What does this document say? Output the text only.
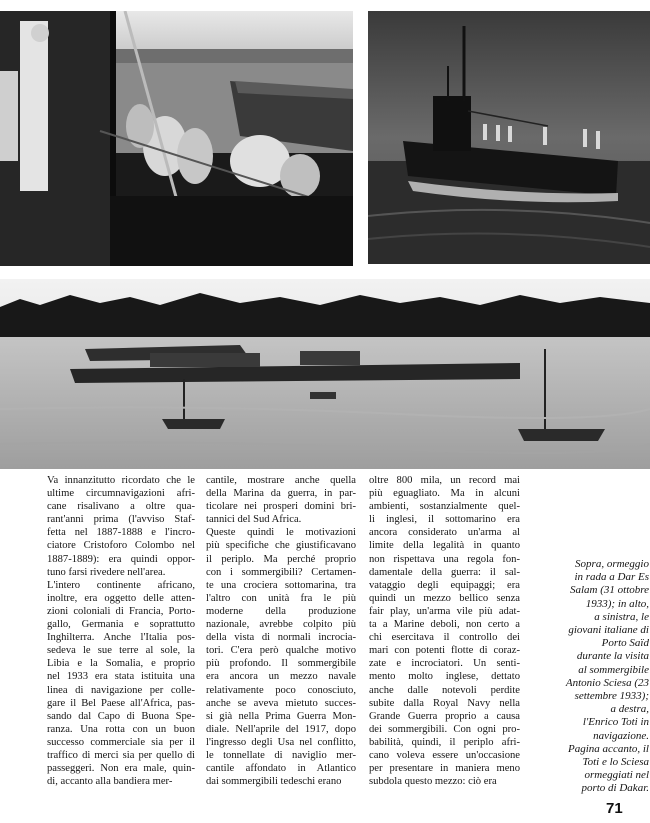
Va innanzitutto ricordato che le
ultime circumnavigazioni afri-
cane risalivano a oltre qua-
rant'anni prima (l'avviso Staf-
fetta nel 1887-1888 e l'incro-
ciatore Cristoforo Colombo nel
1887-1889): era quindi oppor-
tuno farsi rivedere nell'area.
L'intero continente africano,
inoltre, era oggetto delle atten-
zioni coloniali di Francia, Porto-
gallo, Germania e soprattutto
Inghilterra. Anche l'Italia pos-
sedeva le sue terre al sole, la
Libia e la Somalia, e proprio
nel 1933 era stata istituita una
linea di navigazione per colle-
gare il Bel Paese all'Africa, pas-
sando dal Capo di Buona Spe-
ranza. Una rotta con un buon
successo commerciale sia per il
traffico di merci sia per quello di
passeggeri. Non era male, quin-
di, accanto alla bandiera mer-
cantile, mostrare anche quella
della Marina da guerra, in par-
ticolare nei prosperi domini bri-
tannici del Sud Africa.
Queste quindi le motivazioni
più specifiche che giustificavano
il periplo. Ma perché proprio
con i sommergibili? Certamen-
te una crociera sottomarina, tra
l'altro con unità fra le più
moderne della produzione
nazionale, avrebbe colpito più
della vista di normali incrocia-
tori. C'era però qualche motivo
più profondo. Il sommergibile
era ancora un mezzo navale
relativamente poco conosciuto,
anche se aveva mietuto succes-
si già nella Prima Guerra Mon-
diale. Nell'aprile del 1917, dopo
l'ingresso degli Usa nel conflitto,
le tonnellate di naviglio mer-
cantile affondato in Atlantico
dai sommergibili tedeschi erano
oltre 800 mila, un record mai
più eguagliato. Ma in alcuni
ambienti, sostanzialmente quel-
li inglesi, il sottomarino era
ancora considerato un'arma al
limite della legalità in quanto
non rispettava una regola fon-
damentale della guerra: il sal-
vataggio degli equipaggi; era
quindi un mezzo bellico senza
fair play, un'arma vile più adat-
ta a Marine deboli, non certo a
chi esercitava il controllo dei
mari con potenti flotte di coraz-
zate e incrociatori. Un senti-
mento molto inglese, dettato
anche dalle notevoli perdite
subite dalla Royal Navy nella
Grande Guerra proprio a causa
dei sommergibili. Con ogni pro-
babilità, quindi, il periplo afri-
cano voleva essere un'occasione
per presentare in maniera meno
subdola questo mezzo: ciò era
Sopra, ormeggio
in rada a Dar Es
Salam (31 ottobre
1933); in alto,
a sinistra, le
giovani italiane di
Porto Saïd
durante la visita
al sommergibile
Antonio Sciesa (23
settembre 1933);
a destra,
l'Enrico Toti in
navigazione.
Pagina accanto, il
Toti e lo Sciesa
ormeggiati nel
porto di Dakar.
71
